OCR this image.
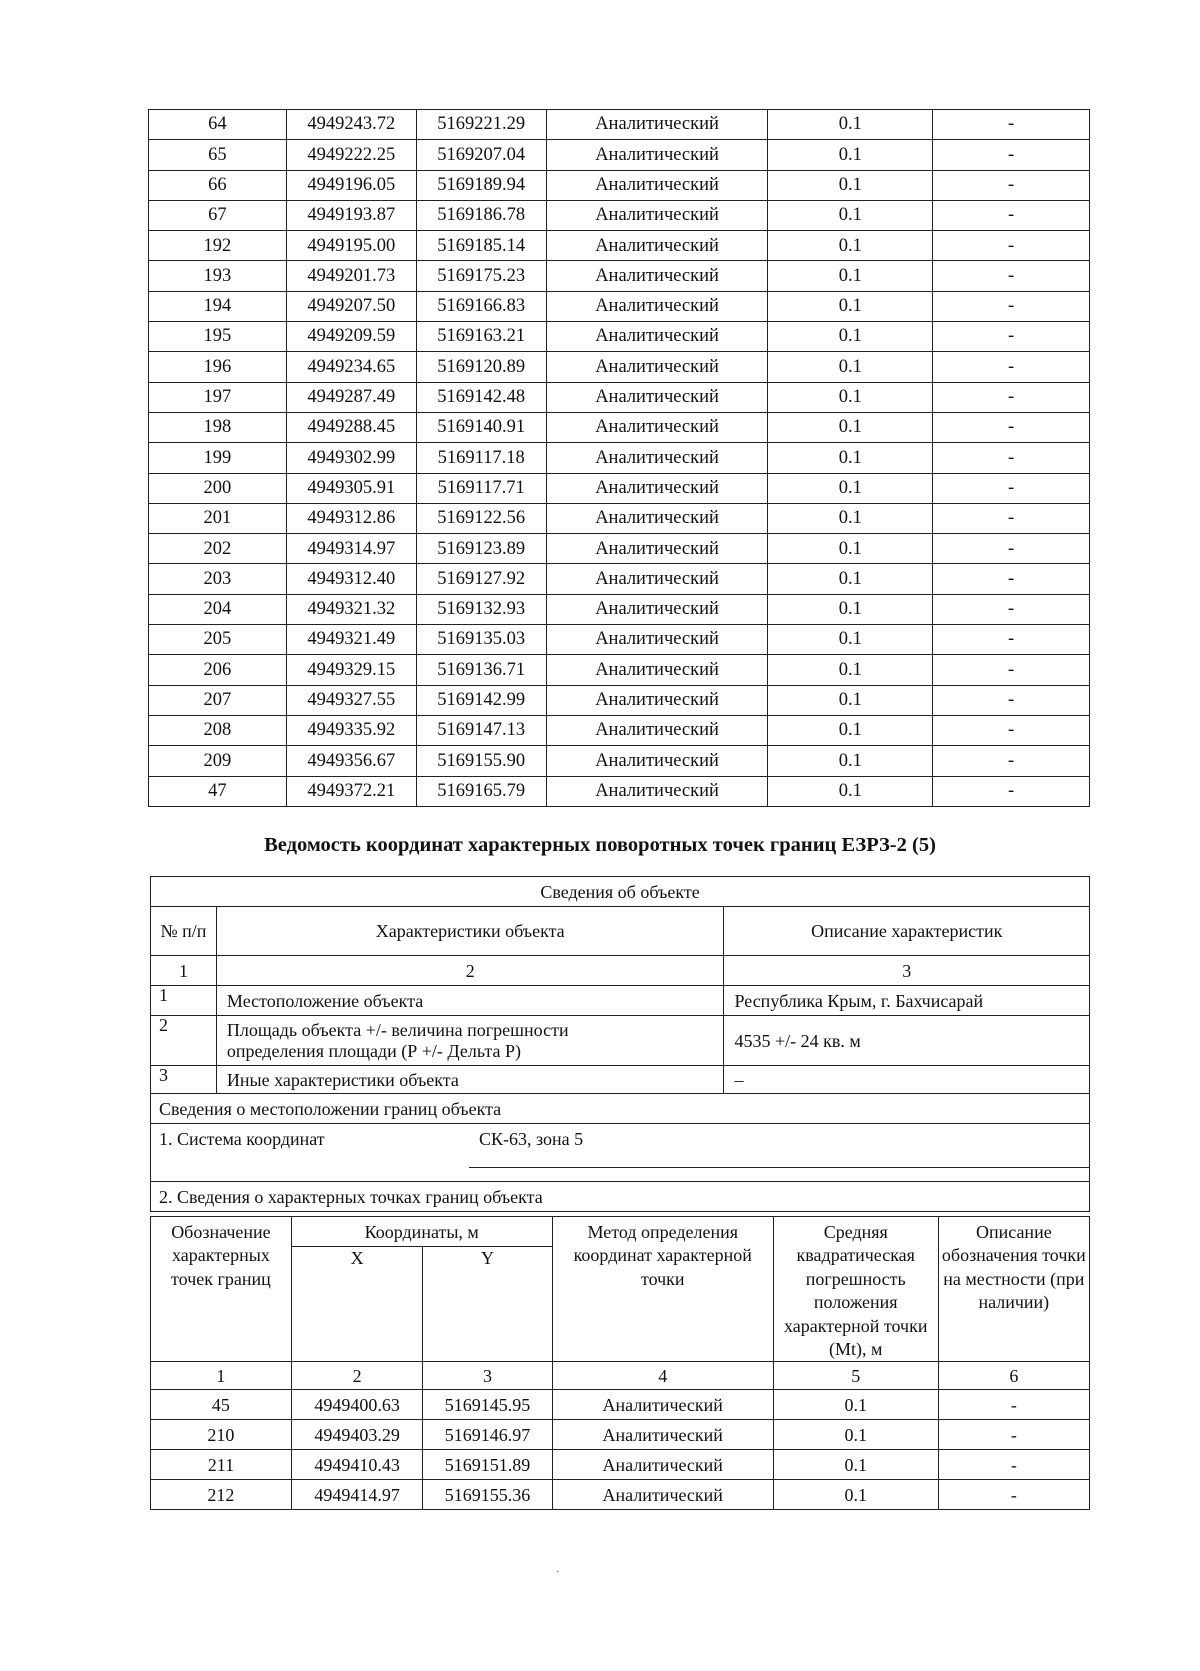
64	4949243.72	5169221.29	Аналитический	0.1	-
65	4949222.25	5169207.04	Аналитический	0.1	-
66	4949196.05	5169189.94	Аналитический	0.1	-
67	4949193.87	5169186.78	Аналитический	0.1	-
192	4949195.00	5169185.14	Аналитический	0.1	-
193	4949201.73	5169175.23	Аналитический	0.1	-
194	4949207.50	5169166.83	Аналитический	0.1	-
195	4949209.59	5169163.21	Аналитический	0.1	-
196	4949234.65	5169120.89	Аналитический	0.1	-
197	4949287.49	5169142.48	Аналитический	0.1	-
198	4949288.45	5169140.91	Аналитический	0.1	-
199	4949302.99	5169117.18	Аналитический	0.1	-
200	4949305.91	5169117.71	Аналитический	0.1	-
201	4949312.86	5169122.56	Аналитический	0.1	-
202	4949314.97	5169123.89	Аналитический	0.1	-
203	4949312.40	5169127.92	Аналитический	0.1	-
204	4949321.32	5169132.93	Аналитический	0.1	-
205	4949321.49	5169135.03	Аналитический	0.1	-
206	4949329.15	5169136.71	Аналитический	0.1	-
207	4949327.55	5169142.99	Аналитический	0.1	-
208	4949335.92	5169147.13	Аналитический	0.1	-
209	4949356.67	5169155.90	Аналитический	0.1	-
47	4949372.21	5169165.79	Аналитический	0.1	-
Ведомость координат характерных поворотных точек границ ЕЗРЗ-2 (5)
Сведения об объекте		
№ п/п	Характеристики объекта	Описание характеристик
1	2	3
1	Местоположение объекта	Республика Крым, г. Бахчисарай
2	Площадь объекта +/- величина погрешности определения площади (Р +/- Дельта Р)	4535 +/- 24 кв. м
3	Иные характеристики объекта	–
Сведения о местоположении границ объекта		
1. Система координат СК-63, зона 5		

2. Сведения о характерных точках границ объекта		
Обозначение характерных точек границ	Координаты, м		Метод определения координат характерной точки	Средняя квадратическая погрешность положения характерной точки (Mt), м	Описание обозначения точки на местности (при наличии)
	X	Y			
1	2	3	4	5	6
45	4949400.63	5169145.95	Аналитический	0.1	-
210	4949403.29	5169146.97	Аналитический	0.1	-
211	4949410.43	5169151.89	Аналитический	0.1	-
212	4949414.97	5169155.36	Аналитический	0.1	-
·
